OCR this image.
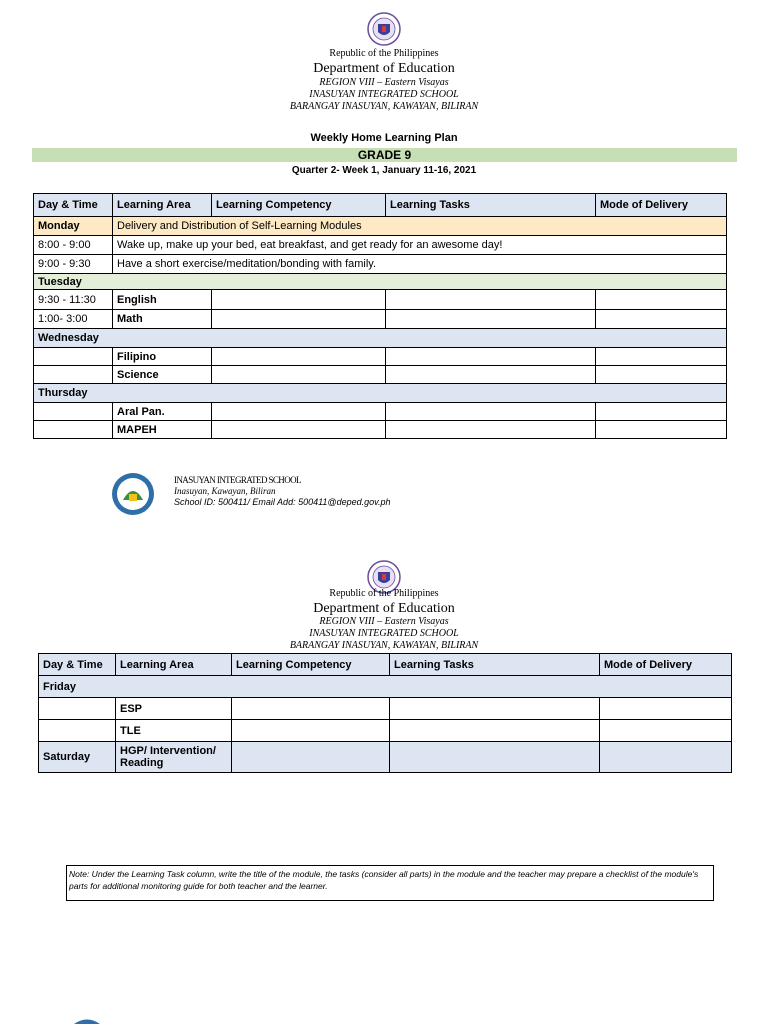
Republic of the Philippines
Department of Education
REGION VIII – Eastern Visayas
INASUYAN INTEGRATED SCHOOL
BARANGAY INASUYAN, KAWAYAN, BILIRAN
Weekly Home Learning Plan
GRADE 9
Quarter 2- Week 1, January 11-16, 2021
Day & Time	Learning Area	Learning Competency	Learning Tasks	Mode of Delivery
Monday	Delivery and Distribution of Self-Learning Modules			
8:00 - 9:00	Wake up, make up your bed, eat breakfast, and get ready for an awesome day!			
9:00 - 9:30	Have a short exercise/meditation/bonding with family.			
Tuesday				
9:30 - 11:30	English			
1:00- 3:00	Math			
Wednesday				
	Filipino			
	Science			
Thursday				
	Aral Pan.			
	MAPEH			
INASUYAN INTEGRATED SCHOOL
Inasuyan, Kawayan, Biliran
School ID: 500411/ Email Add: 500411@deped.gov.ph
Republic of the Philippines
Department of Education
REGION VIII – Eastern Visayas
INASUYAN INTEGRATED SCHOOL
BARANGAY INASUYAN, KAWAYAN, BILIRAN
Day & Time	Learning Area	Learning Competency	Learning Tasks	Mode of Delivery
Friday				
	ESP			
	TLE			
Saturday	HGP/ Intervention/ Reading			
Note: Under the Learning Task column, write the title of the module, the tasks (consider all parts) in the module and the teacher may prepare a checklist of the module's parts for additional monitoring guide for both teacher and the learner.
